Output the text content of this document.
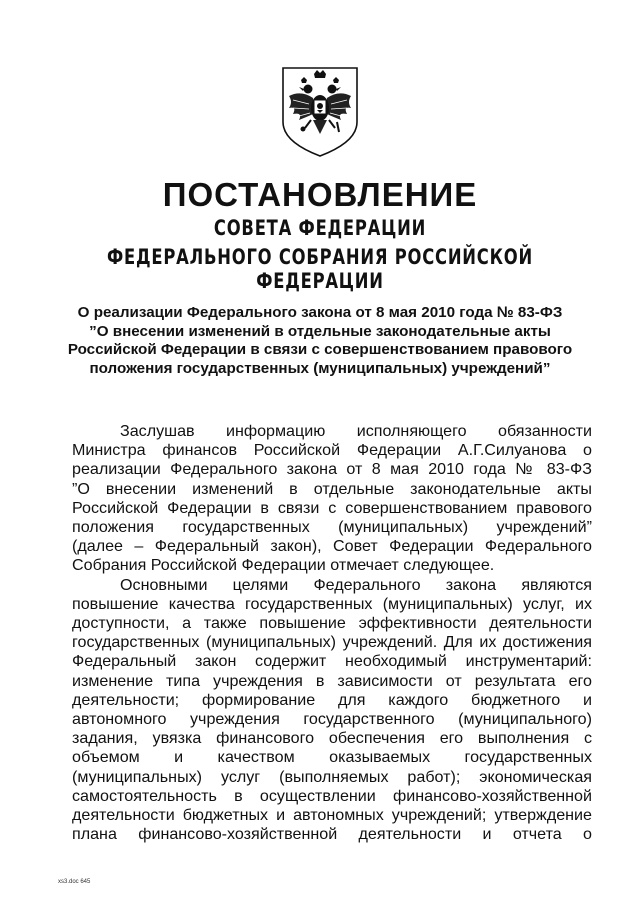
ПОСТАНОВЛЕНИЕ
СОВЕТА ФЕДЕРАЦИИ
ФЕДЕРАЛЬНОГО СОБРАНИЯ РОССИЙСКОЙ ФЕДЕРАЦИИ
О реализации Федерального закона от 8 мая 2010 года № 83-ФЗ
”О внесении изменений в отдельные законодательные акты
Российской Федерации в связи с совершенствованием правового
положения государственных (муниципальных) учреждений”
Заслушав информацию исполняющего обязанности
Министра финансов Российской Федерации А.Г.Силуанова о
реализации Федерального закона от 8 мая 2010 года № 83-ФЗ
”О внесении изменений в отдельные законодательные акты
Российской Федерации в связи с совершенствованием правового
положения государственных (муниципальных) учреждений”
(далее – Федеральный закон), Совет Федерации Федерального
Собрания Российской Федерации отмечает следующее.
Основными целями Федерального закона являются
повышение качества государственных (муниципальных) услуг, их
доступности, а также повышение эффективности деятельности
государственных (муниципальных) учреждений. Для их достижения
Федеральный закон содержит необходимый инструментарий:
изменение типа учреждения в зависимости от результата его
деятельности; формирование для каждого бюджетного и
автономного учреждения государственного (муниципального)
задания, увязка финансового обеспечения его выполнения с
объемом и качеством оказываемых государственных
(муниципальных) услуг (выполняемых работ); экономическая
самостоятельность в осуществлении финансово-хозяйственной
деятельности бюджетных и автономных учреждений; утверждение
плана финансово-хозяйственной деятельности и отчета о
xs3.doc 645
